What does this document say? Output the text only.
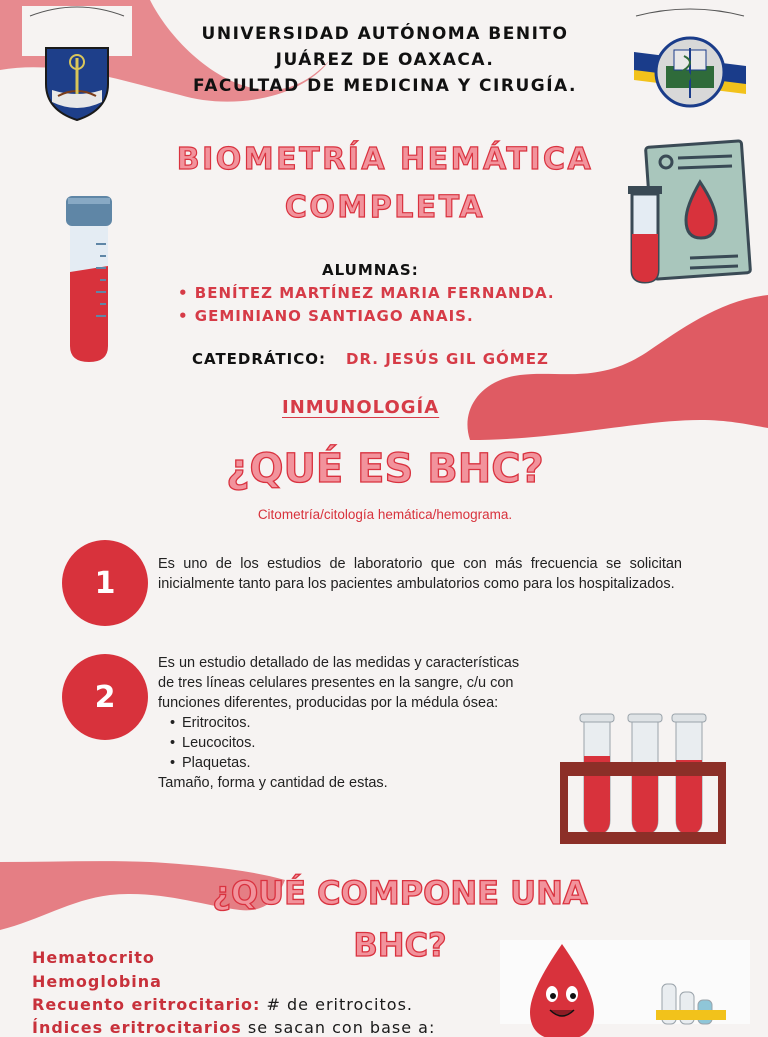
UNIVERSIDAD AUTÓNOMA BENITO
JUÁREZ DE OAXACA.
FACULTAD DE MEDICINA Y CIRUGÍA.
BIOMETRÍA HEMÁTICA
COMPLETA
ALUMNAS:
• BENÍTEZ MARTÍNEZ MARIA FERNANDA.
• GEMINIANO SANTIAGO ANAIS.
CATEDRÁTICO: DR. JESÚS GIL GÓMEZ
INMUNOLOGÍA
¿QUÉ ES BHC?
Citometría/citología hemática/hemograma.
1
Es uno de los estudios de laboratorio que con más frecuencia se solicitan inicialmente tanto para los pacientes ambulatorios como para los hospitalizados.
2
Es un estudio detallado de las medidas y características de tres líneas celulares presentes en la sangre, c/u con funciones diferentes, producidas por la médula ósea:
• Eritrocitos.
• Leucocitos.
• Plaquetas.
Tamaño, forma y cantidad de estas.
¿QUÉ COMPONE UNA
BHC?
Hematocrito
Hemoglobina
Recuento eritrocitario: # de eritrocitos.
Índices eritrocitarios se sacan con base a:
